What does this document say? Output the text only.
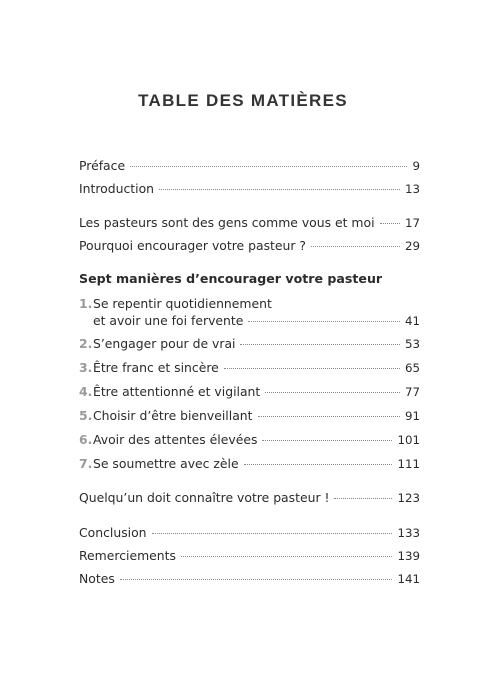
TABLE DES MATIÈRES
Préface	9
Introduction	13
Les pasteurs sont des gens comme vous et moi	17
Pourquoi encourager votre pasteur ?	29
Sept manières d’encourager votre pasteur
1. Se repentir quotidiennement
et avoir une foi fervente	41
2. S’engager pour de vrai	53
3. Être franc et sincère	65
4. Être attentionné et vigilant	77
5. Choisir d’être bienveillant	91
6. Avoir des attentes élevées	101
7. Se soumettre avec zèle	111
Quelqu’un doit connaître votre pasteur !	123
Conclusion	133
Remerciements	139
Notes	141
